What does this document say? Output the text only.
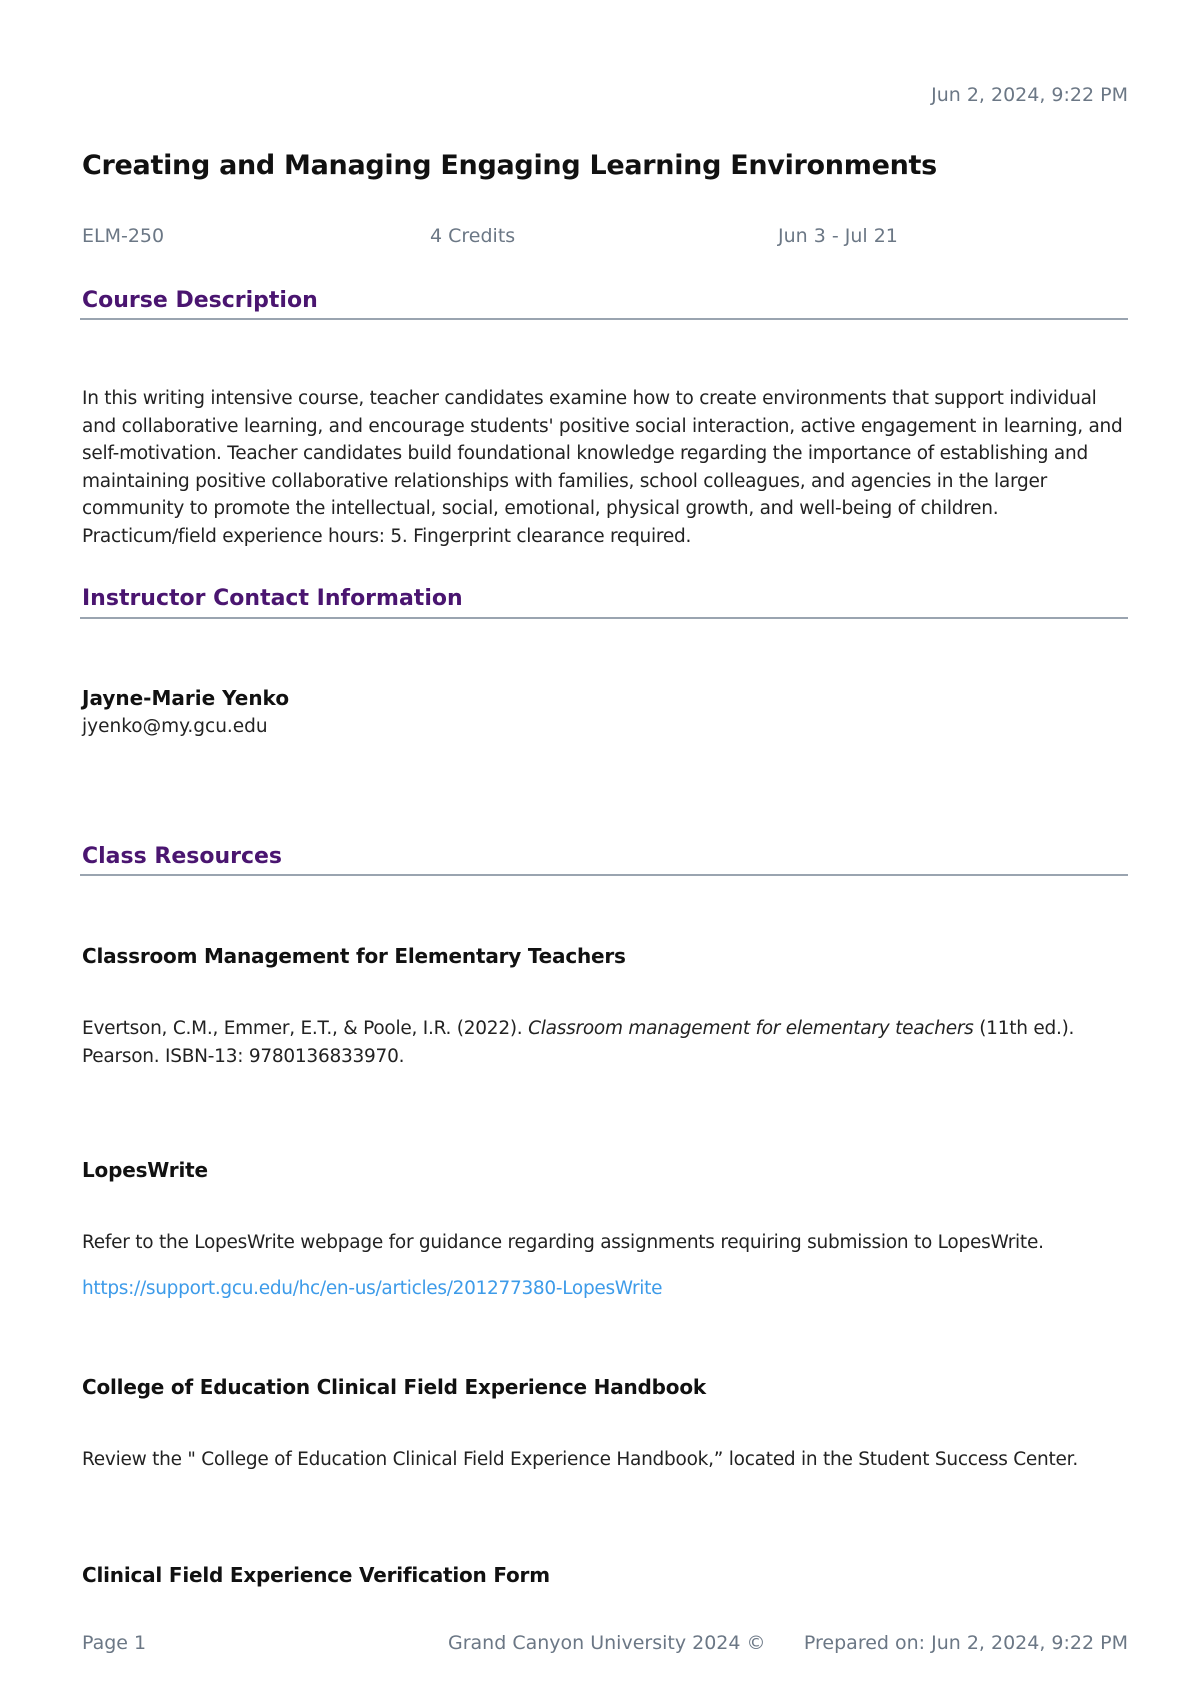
Jun 2, 2024, 9:22 PM
Creating and Managing Engaging Learning Environments
ELM-250	4 Credits	Jun 3 - Jul 21
Course Description
In this writing intensive course, teacher candidates examine how to create environments that support individual and collaborative learning, and encourage students' positive social interaction, active engagement in learning, and self-motivation. Teacher candidates build foundational knowledge regarding the importance of establishing and maintaining positive collaborative relationships with families, school colleagues, and agencies in the larger community to promote the intellectual, social, emotional, physical growth, and well-being of children. Practicum/field experience hours: 5. Fingerprint clearance required.
Instructor Contact Information
Jayne-Marie Yenko
jyenko@my.gcu.edu
Class Resources
Classroom Management for Elementary Teachers
Evertson, C.M., Emmer, E.T., & Poole, I.R. (2022). Classroom management for elementary teachers (11th ed.). Pearson. ISBN-13: 9780136833970.
LopesWrite
Refer to the LopesWrite webpage for guidance regarding assignments requiring submission to LopesWrite.
https://support.gcu.edu/hc/en-us/articles/201277380-LopesWrite
College of Education Clinical Field Experience Handbook
Review the " College of Education Clinical Field Experience Handbook,” located in the Student Success Center.
Clinical Field Experience Verification Form
Page 1	Grand Canyon University 2024 © Prepared on: Jun 2, 2024, 9:22 PM
